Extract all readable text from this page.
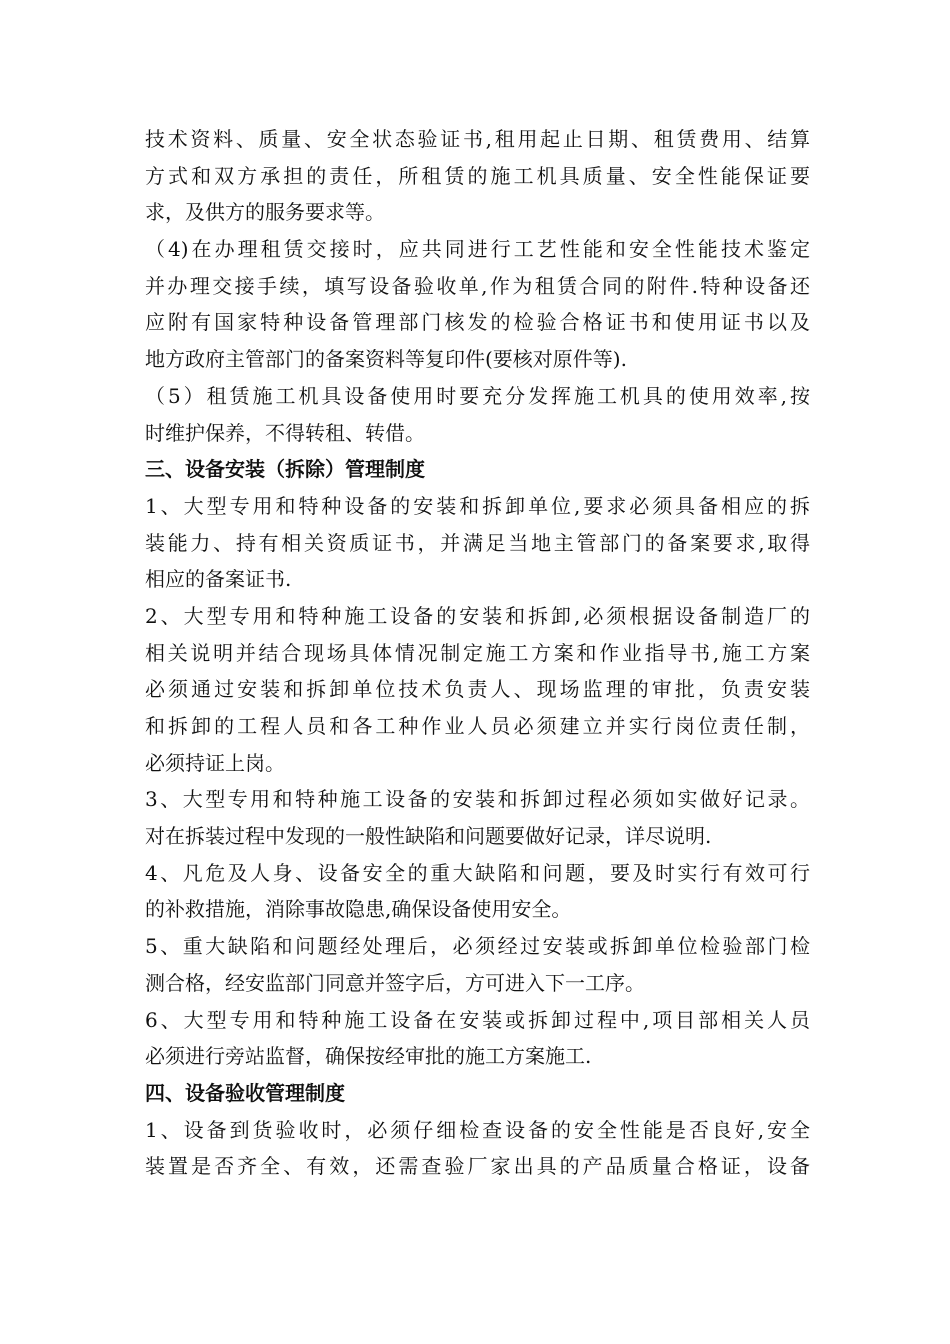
技术资料、质量、安全状态验证书,租用起止日期、租赁费用、结算
方式和双方承担的责任，所租赁的施工机具质量、安全性能保证要
求，及供方的服务要求等。
（4)在办理租赁交接时，应共同进行工艺性能和安全性能技术鉴定
并办理交接手续，填写设备验收单,作为租赁合同的附件.特种设备还
应附有国家特种设备管理部门核发的检验合格证书和使用证书以及
地方政府主管部门的备案资料等复印件(要核对原件等).
（5）租赁施工机具设备使用时要充分发挥施工机具的使用效率,按
时维护保养，不得转租、转借。
三、设备安装（拆除）管理制度
1、大型专用和特种设备的安装和拆卸单位,要求必须具备相应的拆
装能力、持有相关资质证书，并满足当地主管部门的备案要求,取得
相应的备案证书.
2、大型专用和特种施工设备的安装和拆卸,必须根据设备制造厂的
相关说明并结合现场具体情况制定施工方案和作业指导书,施工方案
必须通过安装和拆卸单位技术负责人、现场监理的审批，负责安装
和拆卸的工程人员和各工种作业人员必须建立并实行岗位责任制，
必须持证上岗。
3、大型专用和特种施工设备的安装和拆卸过程必须如实做好记录。
对在拆装过程中发现的一般性缺陷和问题要做好记录，详尽说明.
4、凡危及人身、设备安全的重大缺陷和问题，要及时实行有效可行
的补救措施，消除事故隐患,确保设备使用安全。
5、重大缺陷和问题经处理后，必须经过安装或拆卸单位检验部门检
测合格，经安监部门同意并签字后，方可进入下一工序。
6、大型专用和特种施工设备在安装或拆卸过程中,项目部相关人员
必须进行旁站监督，确保按经审批的施工方案施工.
四、设备验收管理制度
1、设备到货验收时，必须仔细检查设备的安全性能是否良好,安全
装置是否齐全、有效，还需查验厂家出具的产品质量合格证，设备
